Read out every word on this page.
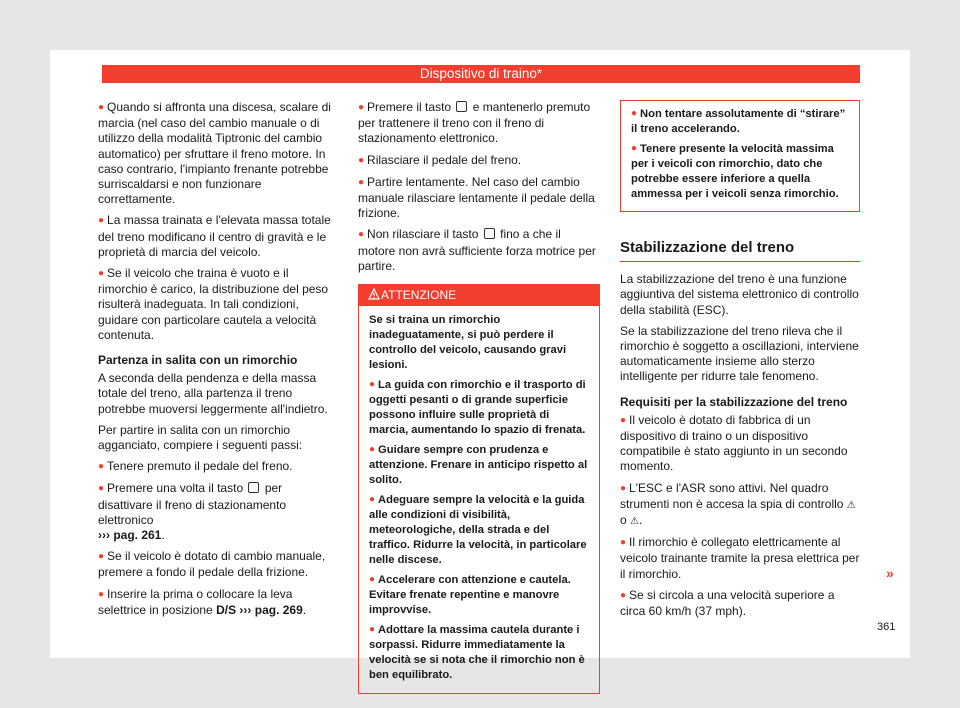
Dispositivo di traino*

● Quando si affronta una discesa, scalare di marcia (nel caso del cambio manuale o di utilizzo della modalità Tiptronic del cambio automatico) per sfruttare il freno motore. In caso contrario, l'impianto frenante potrebbe surriscaldarsi e non funzionare correttamente.

● La massa trainata e l'elevata massa totale del treno modificano il centro di gravità e le proprietà di marcia del veicolo.

● Se il veicolo che traina è vuoto e il rimorchio è carico, la distribuzione del peso risulterà inadeguata. In tali condizioni, guidare con particolare cautela a velocità contenuta.

Partenza in salita con un rimorchio

A seconda della pendenza e della massa totale del treno, alla partenza il treno potrebbe muoversi leggermente all'indietro.

Per partire in salita con un rimorchio agganciato, compiere i seguenti passi:

● Tenere premuto il pedale del freno.

● Premere una volta il tasto per disattivare il freno di stazionamento elettronico
››› pag. 261.

● Se il veicolo è dotato di cambio manuale, premere a fondo il pedale della frizione.

● Inserire la prima o collocare la leva selettrice in posizione D/S ››› pag. 269.

● Premere il tasto e mantenerlo premuto per trattenere il treno con il freno di stazionamento elettronico.

● Rilasciare il pedale del freno.

● Partire lentamente. Nel caso del cambio manuale rilasciare lentamente il pedale della frizione.

● Non rilasciare il tasto fino a che il motore non avrà sufficiente forza motrice per partire.

ATTENZIONE

Se si traina un rimorchio inadeguatamente, si può perdere il controllo del veicolo, causando gravi lesioni.

● La guida con rimorchio e il trasporto di oggetti pesanti o di grande superficie possono influire sulle proprietà di marcia, aumentando lo spazio di frenata.

● Guidare sempre con prudenza e attenzione. Frenare in anticipo rispetto al solito.

● Adeguare sempre la velocità e la guida alle condizioni di visibilità, meteorologiche, della strada e del traffico. Ridurre la velocità, in particolare nelle discese.

● Accelerare con attenzione e cautela. Evitare frenate repentine e manovre improvvise.

● Adottare la massima cautela durante i sorpassi. Ridurre immediatamente la velocità se si nota che il rimorchio non è ben equilibrato.

● Non tentare assolutamente di “stirare” il treno accelerando.

● Tenere presente la velocità massima per i veicoli con rimorchio, dato che potrebbe essere inferiore a quella ammessa per i veicoli senza rimorchio.

Stabilizzazione del treno

La stabilizzazione del treno è una funzione aggiuntiva del sistema elettronico di controllo della stabilità (ESC).

Se la stabilizzazione del treno rileva che il rimorchio è soggetto a oscillazioni, interviene automaticamente insieme allo sterzo intelligente per ridurre tale fenomeno.

Requisiti per la stabilizzazione del treno

● Il veicolo è dotato di fabbrica di un dispositivo di traino o un dispositivo compatibile è stato aggiunto in un secondo momento.

● L'ESC e l'ASR sono attivi. Nel quadro strumenti non è accesa la spia di controllo ⚠ o ⚠.

● Il rimorchio è collegato elettricamente al veicolo trainante tramite la presa elettrica per il rimorchio.

● Se si circola a una velocità superiore a circa 60 km/h (37 mph).

»
361
